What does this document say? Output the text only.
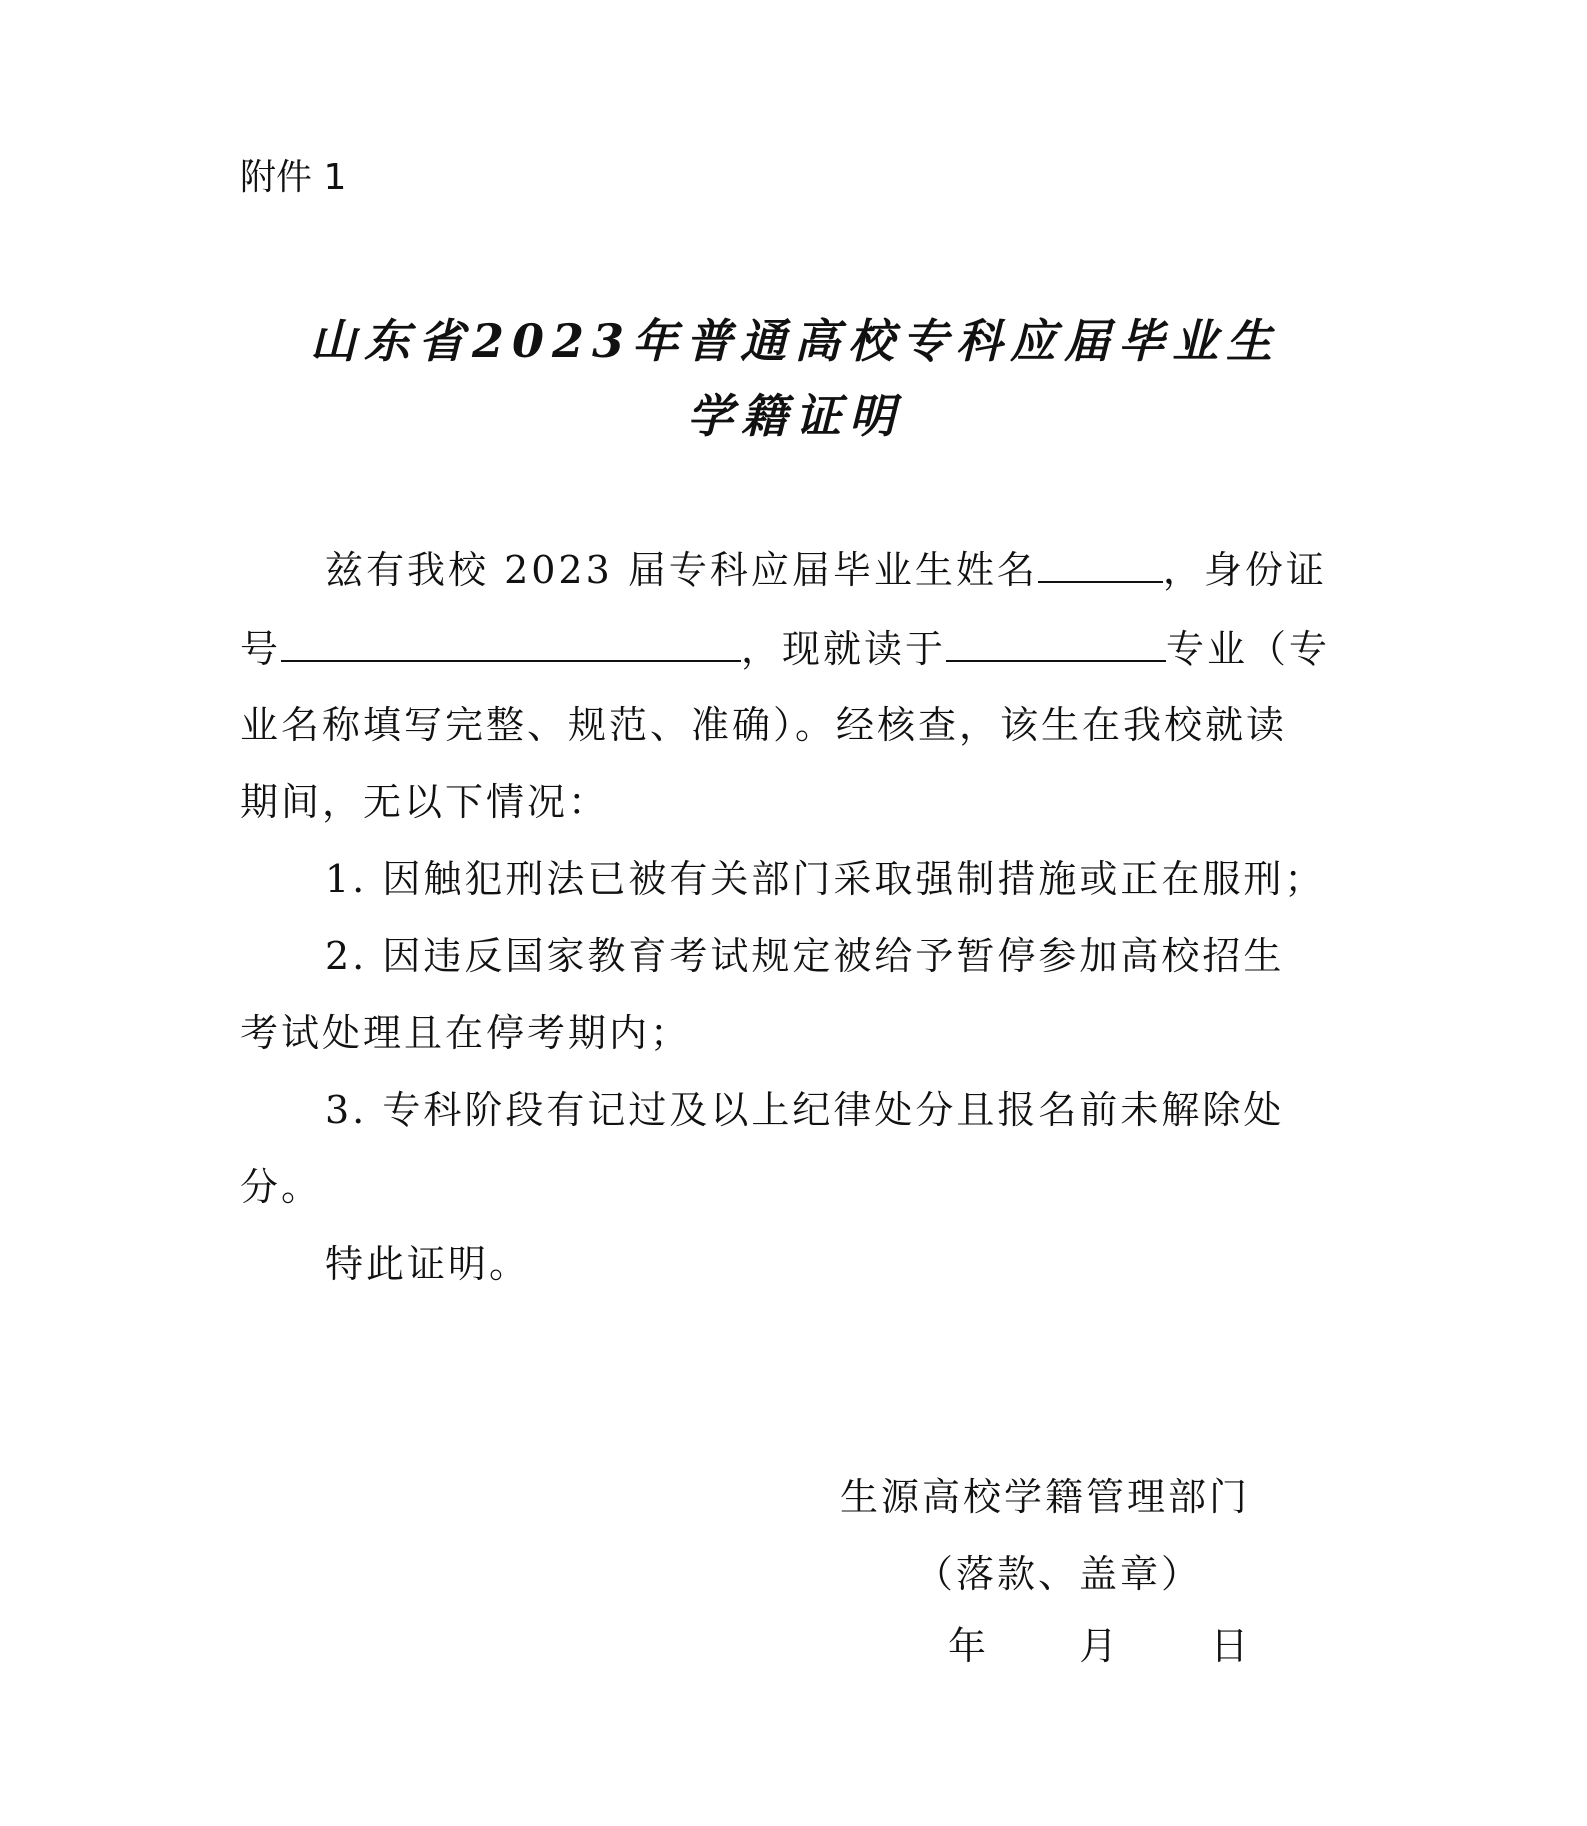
附件 1
山东省2023年普通高校专科应届毕业生
学籍证明
兹有我校 2023 届专科应届毕业生姓名	，身份证
号	，现就读于	专业（专
业名称填写完整、规范、准确）。经核查，该生在我校就读
期间，无以下情况：
1. 因触犯刑法已被有关部门采取强制措施或正在服刑；
2. 因违反国家教育考试规定被给予暂停参加高校招生
考试处理且在停考期内；
3. 专科阶段有记过及以上纪律处分且报名前未解除处
分。
特此证明。
生源高校学籍管理部门
（落款、盖章）
年 月 日
